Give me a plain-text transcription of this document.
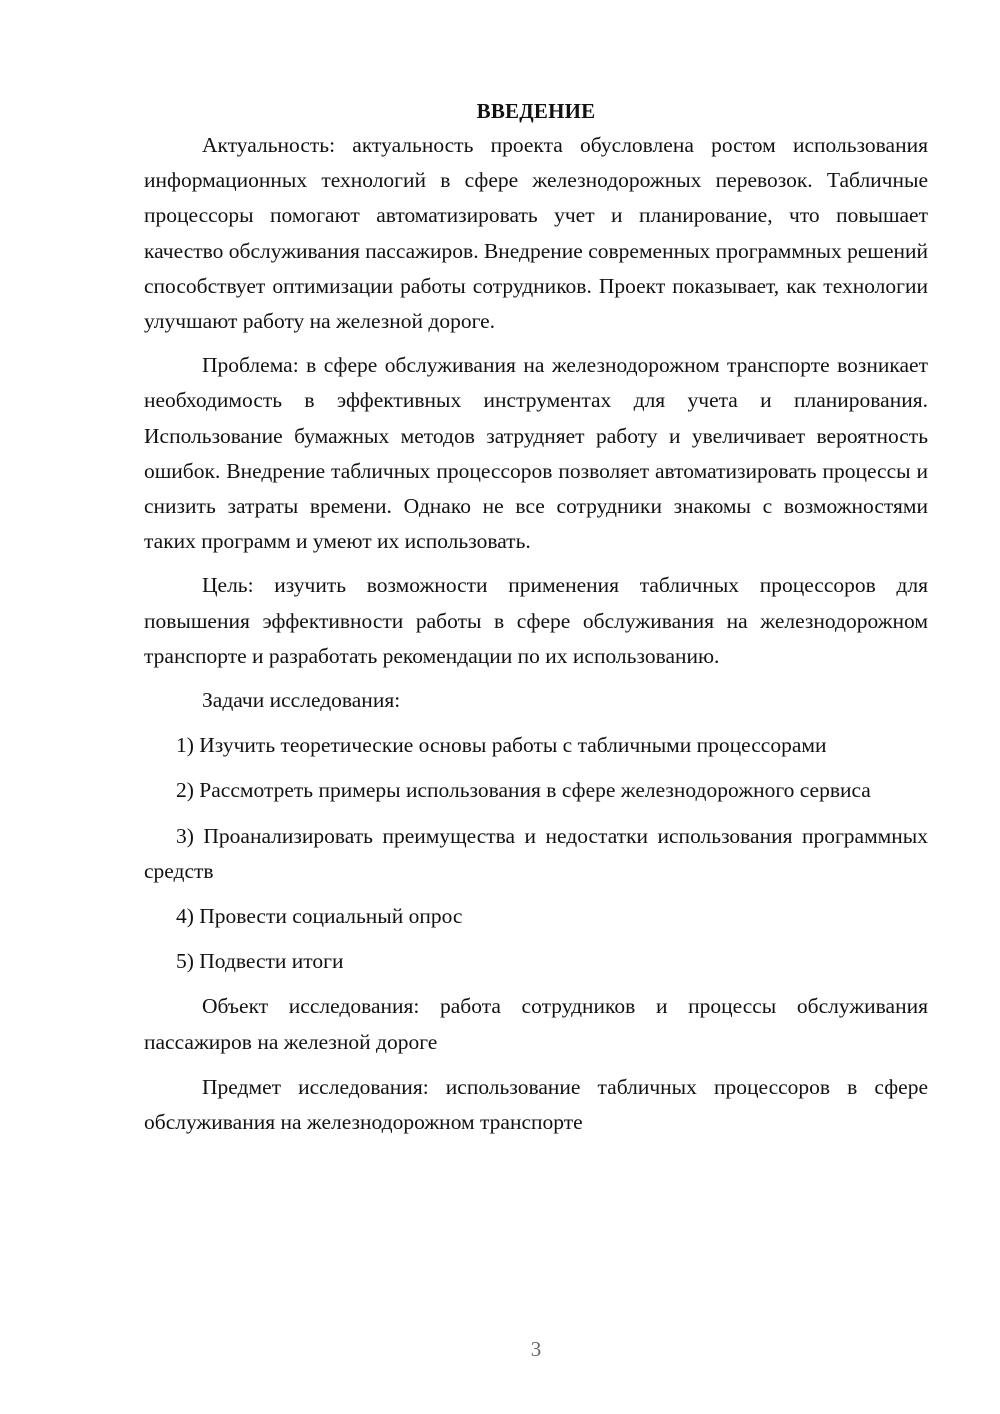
ВВЕДЕНИЕ

Актуальность: актуальность проекта обусловлена ростом использования информационных технологий в сфере железнодорожных перевозок. Табличные процессоры помогают автоматизировать учет и планирование, что повышает качество обслуживания пассажиров. Внедрение современных программных решений способствует оптимизации работы сотрудников. Проект показывает, как технологии улучшают работу на железной дороге.

Проблема: в сфере обслуживания на железнодорожном транспорте возникает необходимость в эффективных инструментах для учета и планирования. Использование бумажных методов затрудняет работу и увеличивает вероятность ошибок. Внедрение табличных процессоров позволяет автоматизировать процессы и снизить затраты времени. Однако не все сотрудники знакомы с возможностями таких программ и умеют их использовать.

Цель: изучить возможности применения табличных процессоров для повышения эффективности работы в сфере обслуживания на железнодорожном транспорте и разработать рекомендации по их использованию.

Задачи исследования:

1) Изучить теоретические основы работы с табличными процессорами

2) Рассмотреть примеры использования в сфере железнодорожного сервиса

3) Проанализировать преимущества и недостатки использования программных средств

4) Провести социальный опрос

5) Подвести итоги

Объект исследования: работа сотрудников и процессы обслуживания пассажиров на железной дороге

Предмет исследования: использование табличных процессоров в сфере обслуживания на железнодорожном транспорте

3
